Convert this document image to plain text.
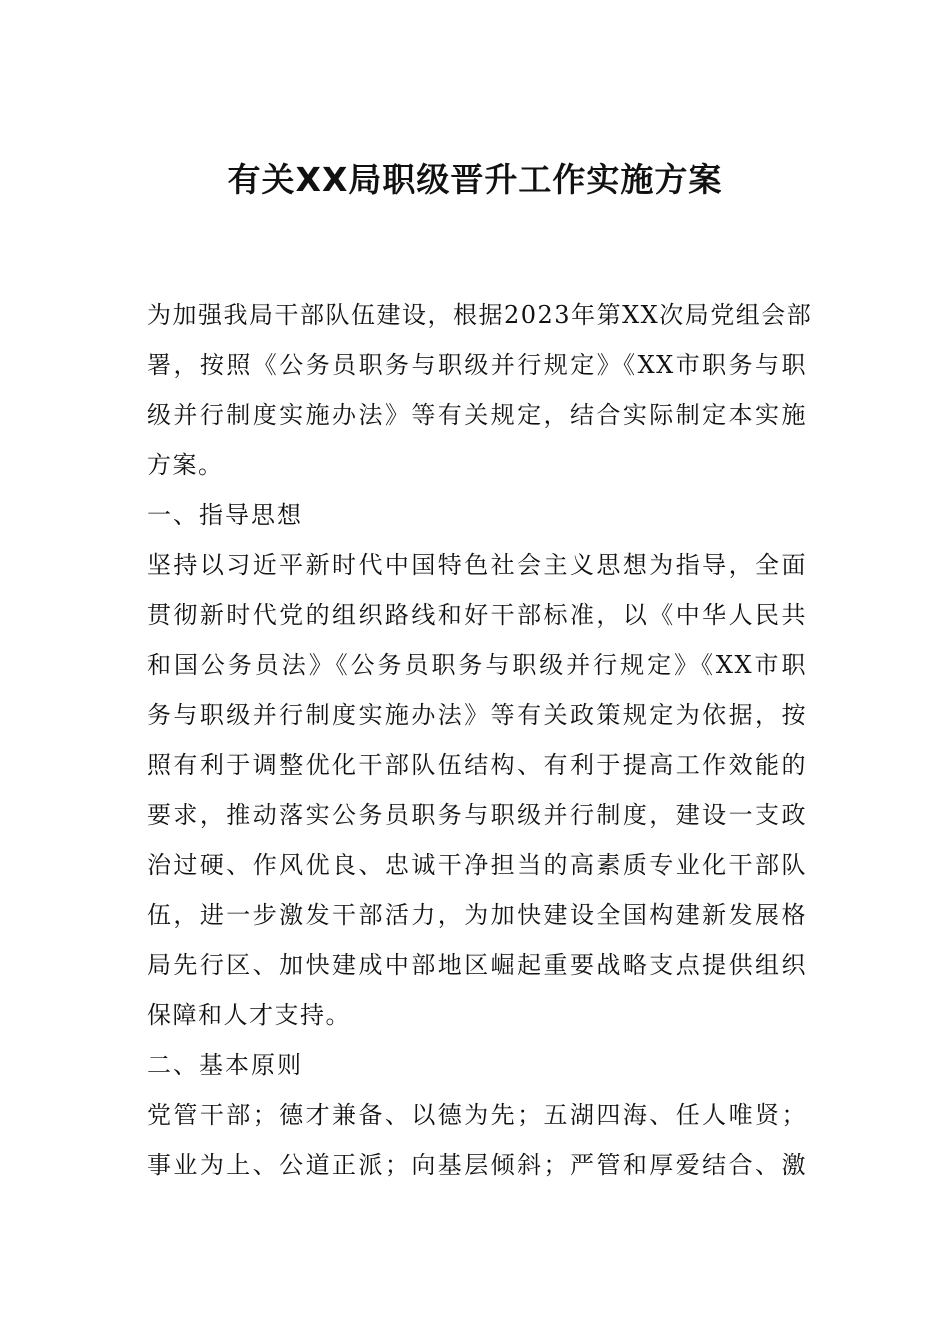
有关XX局职级晋升工作实施方案
为加强我局干部队伍建设，根据2023年第XX次局党组会部
署，按照《公务员职务与职级并行规定》《XX市职务与职
级并行制度实施办法》等有关规定，结合实际制定本实施
方案。
一、指导思想
坚持以习近平新时代中国特色社会主义思想为指导，全面
贯彻新时代党的组织路线和好干部标准，以《中华人民共
和国公务员法》《公务员职务与职级并行规定》《XX市职
务与职级并行制度实施办法》等有关政策规定为依据，按
照有利于调整优化干部队伍结构、有利于提高工作效能的
要求，推动落实公务员职务与职级并行制度，建设一支政
治过硬、作风优良、忠诚干净担当的高素质专业化干部队
伍，进一步激发干部活力，为加快建设全国构建新发展格
局先行区、加快建成中部地区崛起重要战略支点提供组织
保障和人才支持。
二、基本原则
党管干部；德才兼备、以德为先；五湖四海、任人唯贤；
事业为上、公道正派；向基层倾斜；严管和厚爱结合、激
